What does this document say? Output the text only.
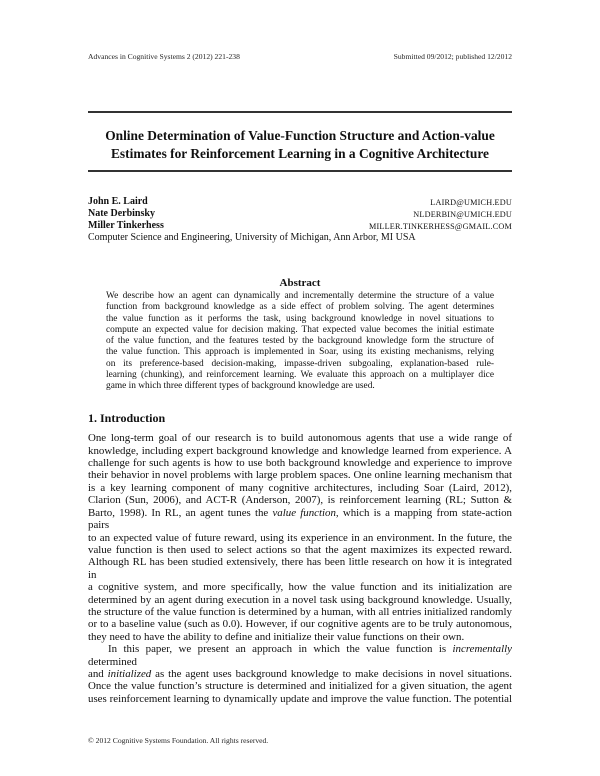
Advances in Cognitive Systems 2 (2012) 221-238	Submitted 09/2012; published 12/2012
Online Determination of Value-Function Structure and Action-value
Estimates for Reinforcement Learning in a Cognitive Architecture
John E. Laird	LAIRD@UMICH.EDU
Nate Derbinsky	NLDERBIN@UMICH.EDU
Miller Tinkerhess	MILLER.TINKERHESS@GMAIL.COM
Computer Science and Engineering, University of Michigan, Ann Arbor, MI USA
Abstract
We describe how an agent can dynamically and incrementally determine the structure of a value
function from background knowledge as a side effect of problem solving. The agent determines
the value function as it performs the task, using background knowledge in novel situations to
compute an expected value for decision making. That expected value becomes the initial estimate
of the value function, and the features tested by the background knowledge form the structure of
the value function. This approach is implemented in Soar, using its existing mechanisms, relying
on its preference-based decision-making, impasse-driven subgoaling, explanation-based rule-
learning (chunking), and reinforcement learning. We evaluate this approach on a multiplayer dice
game in which three different types of background knowledge are used.
1. Introduction
One long-term goal of our research is to build autonomous agents that use a wide range of
knowledge, including expert background knowledge and knowledge learned from experience. A
challenge for such agents is how to use both background knowledge and experience to improve
their behavior in novel problems with large problem spaces. One online learning mechanism that
is a key learning component of many cognitive architectures, including Soar (Laird, 2012),
Clarion (Sun, 2006), and ACT-R (Anderson, 2007), is reinforcement learning (RL; Sutton &
Barto, 1998). In RL, an agent tunes the value function, which is a mapping from state-action pairs
to an expected value of future reward, using its experience in an environment. In the future, the
value function is then used to select actions so that the agent maximizes its expected reward.
Although RL has been studied extensively, there has been little research on how it is integrated in
a cognitive system, and more specifically, how the value function and its initialization are
determined by an agent during execution in a novel task using background knowledge. Usually,
the structure of the value function is determined by a human, with all entries initialized randomly
or to a baseline value (such as 0.0). However, if our cognitive agents are to be truly autonomous,
they need to have the ability to define and initialize their value functions on their own.
In this paper, we present an approach in which the value function is incrementally determined
and initialized as the agent uses background knowledge to make decisions in novel situations.
Once the value function’s structure is determined and initialized for a given situation, the agent
uses reinforcement learning to dynamically update and improve the value function. The potential
© 2012 Cognitive Systems Foundation. All rights reserved.
